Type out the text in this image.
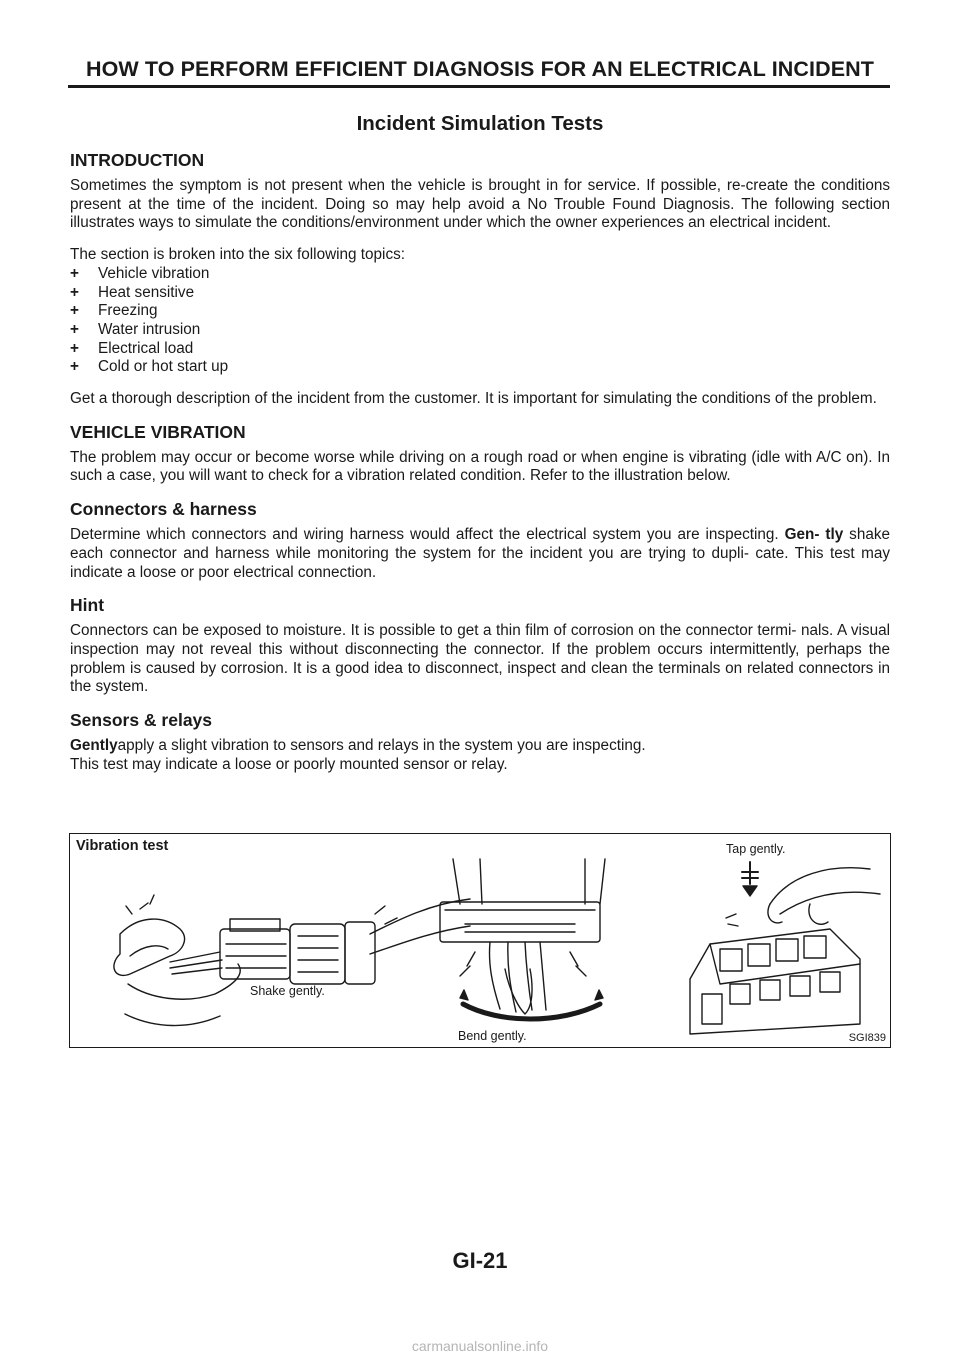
HOW TO PERFORM EFFICIENT DIAGNOSIS FOR AN ELECTRICAL INCIDENT
Incident Simulation Tests
INTRODUCTION

Sometimes the symptom is not present when the vehicle is brought in for service. If possible, re-create the conditions present at the time of the incident. Doing so may help avoid a No Trouble Found Diagnosis. The following section illustrates ways to simulate the conditions/environment under which the owner experiences an electrical incident.

The section is broken into the six following topics:

+	Vehicle vibration
+	Heat sensitive
+	Freezing
+	Water intrusion
+	Electrical load
+	Cold or hot start up

Get a thorough description of the incident from the customer. It is important for simulating the conditions of the problem.

VEHICLE VIBRATION

The problem may occur or become worse while driving on a rough road or when engine is vibrating (idle with A/C on). In such a case, you will want to check for a vibration related condition. Refer to the illustration below.

Connectors & harness

Determine which connectors and wiring harness would affect the electrical system you are inspecting. Gen- tly shake each connector and harness while monitoring the system for the incident you are trying to dupli- cate. This test may indicate a loose or poor electrical connection.

Hint

Connectors can be exposed to moisture. It is possible to get a thin film of corrosion on the connector termi- nals. A visual inspection may not reveal this without disconnecting the connector. If the problem occurs intermittently, perhaps the problem is caused by corrosion. It is a good idea to disconnect, inspect and clean the terminals on related connectors in the system.

Sensors & relays

Gentlyapply a slight vibration to sensors and relays in the system you are inspecting.

This test may indicate a loose or poorly mounted sensor or relay.

Vibration test
Shake gently.
Bend gently.
Tap gently.
SGI839
GI-21
carmanualsonline.info
